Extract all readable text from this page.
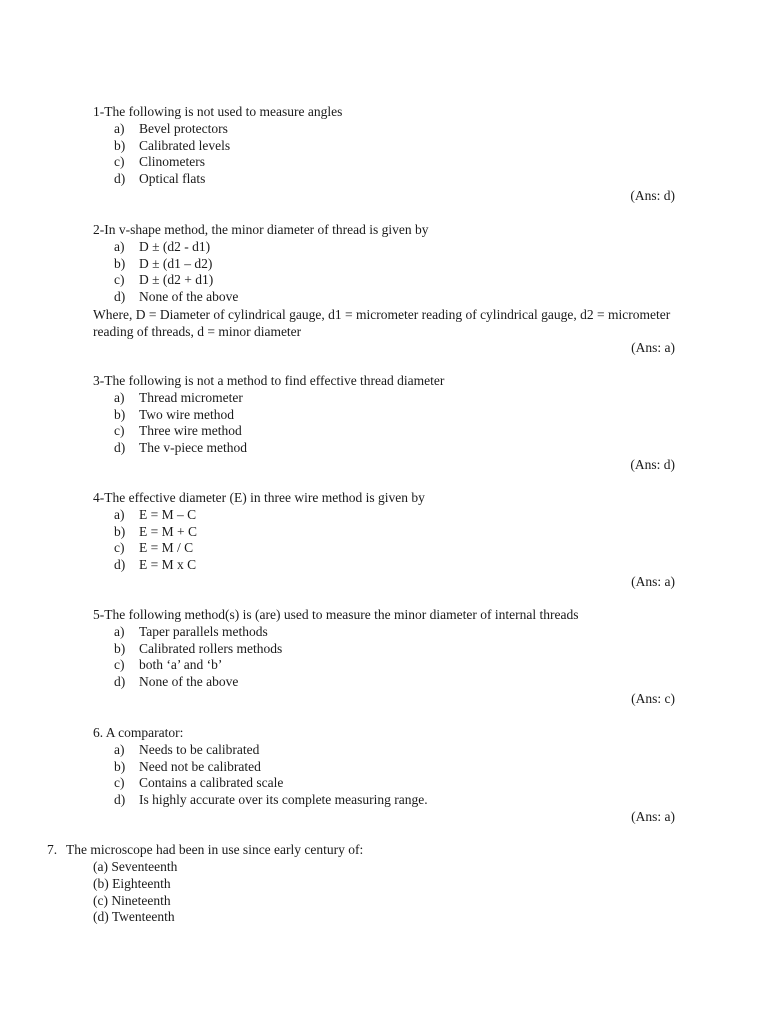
1-The following is not used to measure angles
a) Bevel protectors
b) Calibrated levels
c) Clinometers
d) Optical flats
(Ans: d)
2-In v-shape method, the minor diameter of thread is given by
a) D ± (d2 - d1)
b) D ± (d1 – d2)
c) D ± (d2 + d1)
d) None of the above
Where, D = Diameter of cylindrical gauge, d1 = micrometer reading of cylindrical gauge, d2 = micrometer reading of threads, d = minor diameter
(Ans: a)
3-The following is not a method to find effective thread diameter
a) Thread micrometer
b) Two wire method
c) Three wire method
d) The v-piece method
(Ans: d)
4-The effective diameter (E) in three wire method is given by
a) E = M – C
b) E = M + C
c) E = M / C
d) E = M x C
(Ans: a)
5-The following method(s) is (are) used to measure the minor diameter of internal threads
a) Taper parallels methods
b) Calibrated rollers methods
c) both ‘a’ and ‘b’
d) None of the above
(Ans: c)
6. A comparator:
a) Needs to be calibrated
b) Need not be calibrated
c) Contains a calibrated scale
d) Is highly accurate over its complete measuring range.
(Ans: a)
7. The microscope had been in use since early century of:
(a) Seventeenth
(b) Eighteenth
(c) Nineteenth
(d) Twenteenth
